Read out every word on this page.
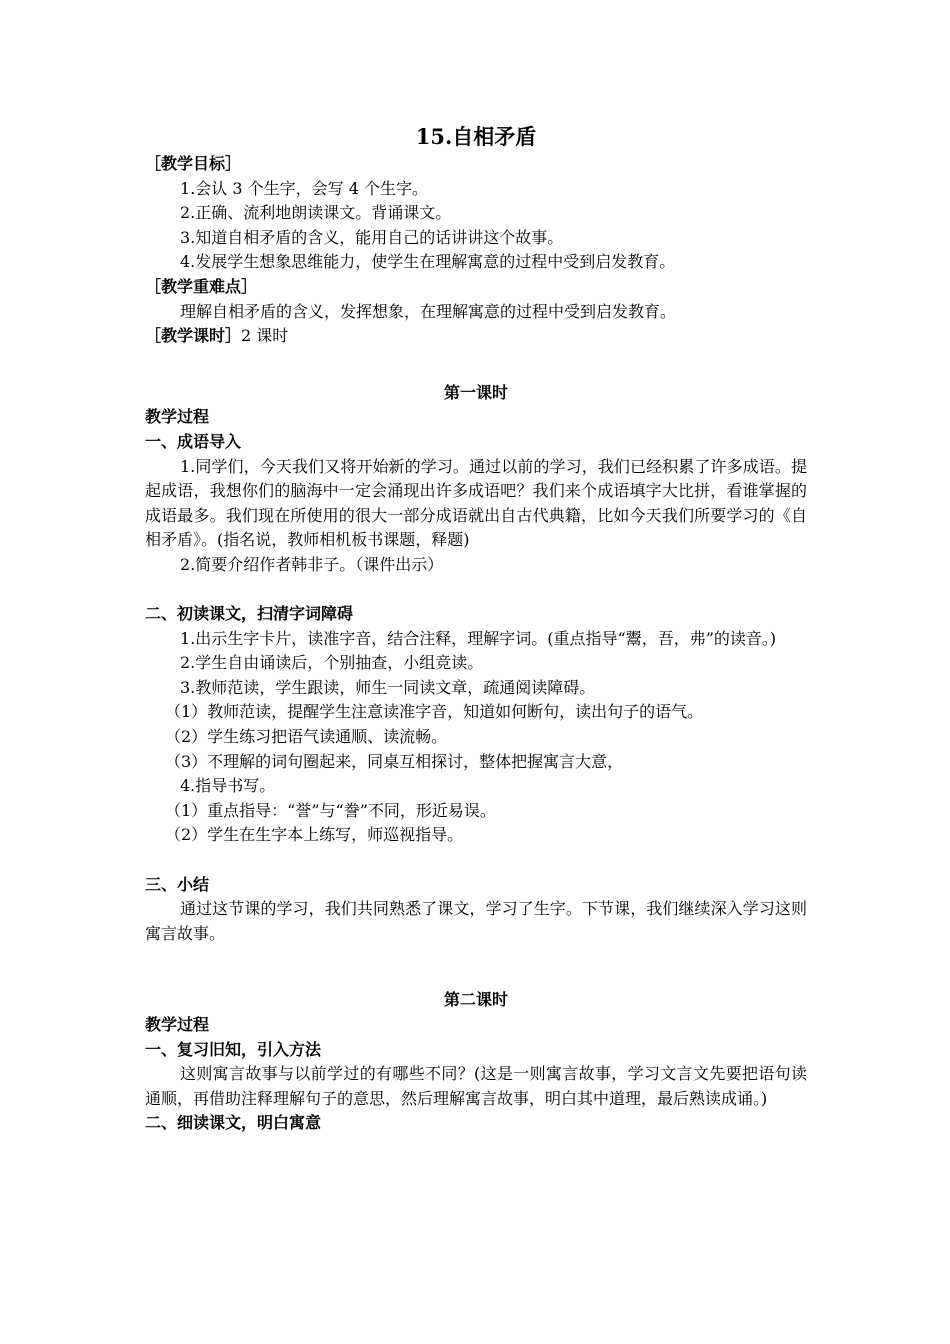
15.自相矛盾
［教学目标］
1.会认 3 个生字，会写 4 个生字。
2.正确、流利地朗读课文。背诵课文。
3.知道自相矛盾的含义，能用自己的话讲讲这个故事。
4.发展学生想象思维能力，使学生在理解寓意的过程中受到启发教育。
［教学重难点］
理解自相矛盾的含义，发挥想象，在理解寓意的过程中受到启发教育。
［教学课时］2 课时
第一课时
教学过程
一、成语导入
1.同学们，今天我们又将开始新的学习。通过以前的学习，我们已经积累了许多成语。提起成语，我想你们的脑海中一定会涌现出许多成语吧？我们来个成语填字大比拼，看谁掌握的成语最多。我们现在所使用的很大一部分成语就出自古代典籍，比如今天我们所要学习的《自相矛盾》。(指名说，教师相机板书课题，释题)
2.简要介绍作者韩非子。（课件出示）
二、初读课文，扫清字词障碍
1.出示生字卡片，读准字音，结合注释，理解字词。(重点指导“鬻，吾，弗”的读音。)
2.学生自由诵读后，个别抽查，小组竞读。
3.教师范读，学生跟读，师生一同读文章，疏通阅读障碍。
（1）教师范读，提醒学生注意读准字音，知道如何断句，读出句子的语气。
（2）学生练习把语气读通顺、读流畅。
（3）不理解的词句圈起来，同桌互相探讨，整体把握寓言大意，
4.指导书写。
（1）重点指导：“誉”与“誊”不同，形近易误。
（2）学生在生字本上练写，师巡视指导。
三、小结
通过这节课的学习，我们共同熟悉了课文，学习了生字。下节课，我们继续深入学习这则寓言故事。
第二课时
教学过程
一、复习旧知，引入方法
这则寓言故事与以前学过的有哪些不同？(这是一则寓言故事，学习文言文先要把语句读通顺，再借助注释理解句子的意思，然后理解寓言故事，明白其中道理，最后熟读成诵。)
二、细读课文，明白寓意
